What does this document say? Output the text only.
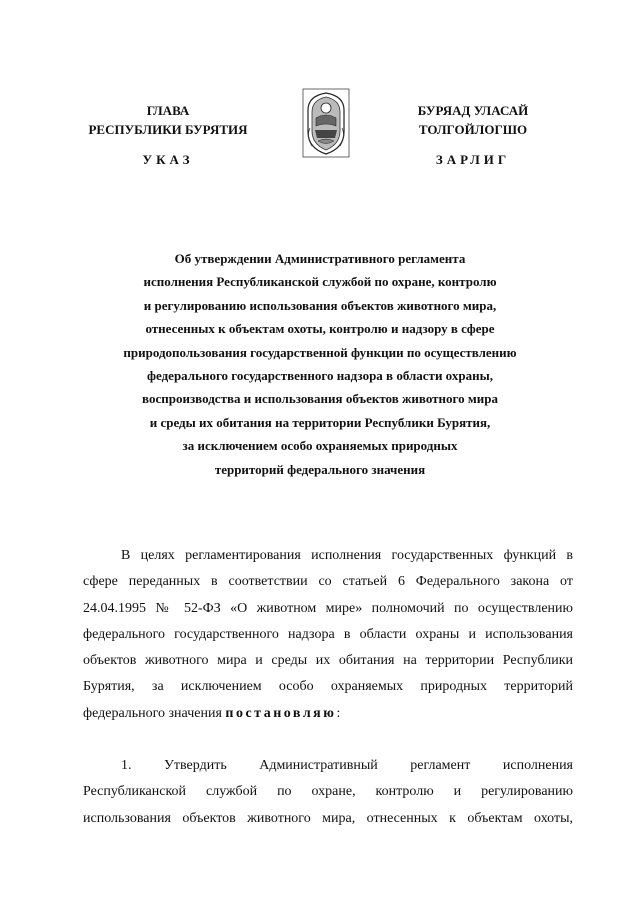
ГЛАВА
РЕСПУБЛИКИ БУРЯТИЯ
УКАЗ
БУРЯАД УЛАСАЙ
ТОЛГОЙЛОГШО
ЗАРЛИГ
Об утверждении Административного регламента
исполнения Республиканской службой по охране, контролю
и регулированию использования объектов животного мира,
отнесенных к объектам охоты, контролю и надзору в сфере
природопользования государственной функции по осуществлению
федерального государственного надзора в области охраны,
воспроизводства и использования объектов животного мира
и среды их обитания на территории Республики Бурятия,
за исключением особо охраняемых природных
территорий федерального значения
В целях регламентирования исполнения государственных функций в
сфере переданных в соответствии со статьей 6 Федерального закона от
24.04.1995 № 52-ФЗ «О животном мире» полномочий по осуществлению
федерального государственного надзора в области охраны и использования
объектов животного мира и среды их обитания на территории Республики
Бурятия, за исключением особо охраняемых природных территорий
федерального значения постановляю:
1. Утвердить Административный регламент исполнения
Республиканской службой по охране, контролю и регулированию
использования объектов животного мира, отнесенных к объектам охоты,
